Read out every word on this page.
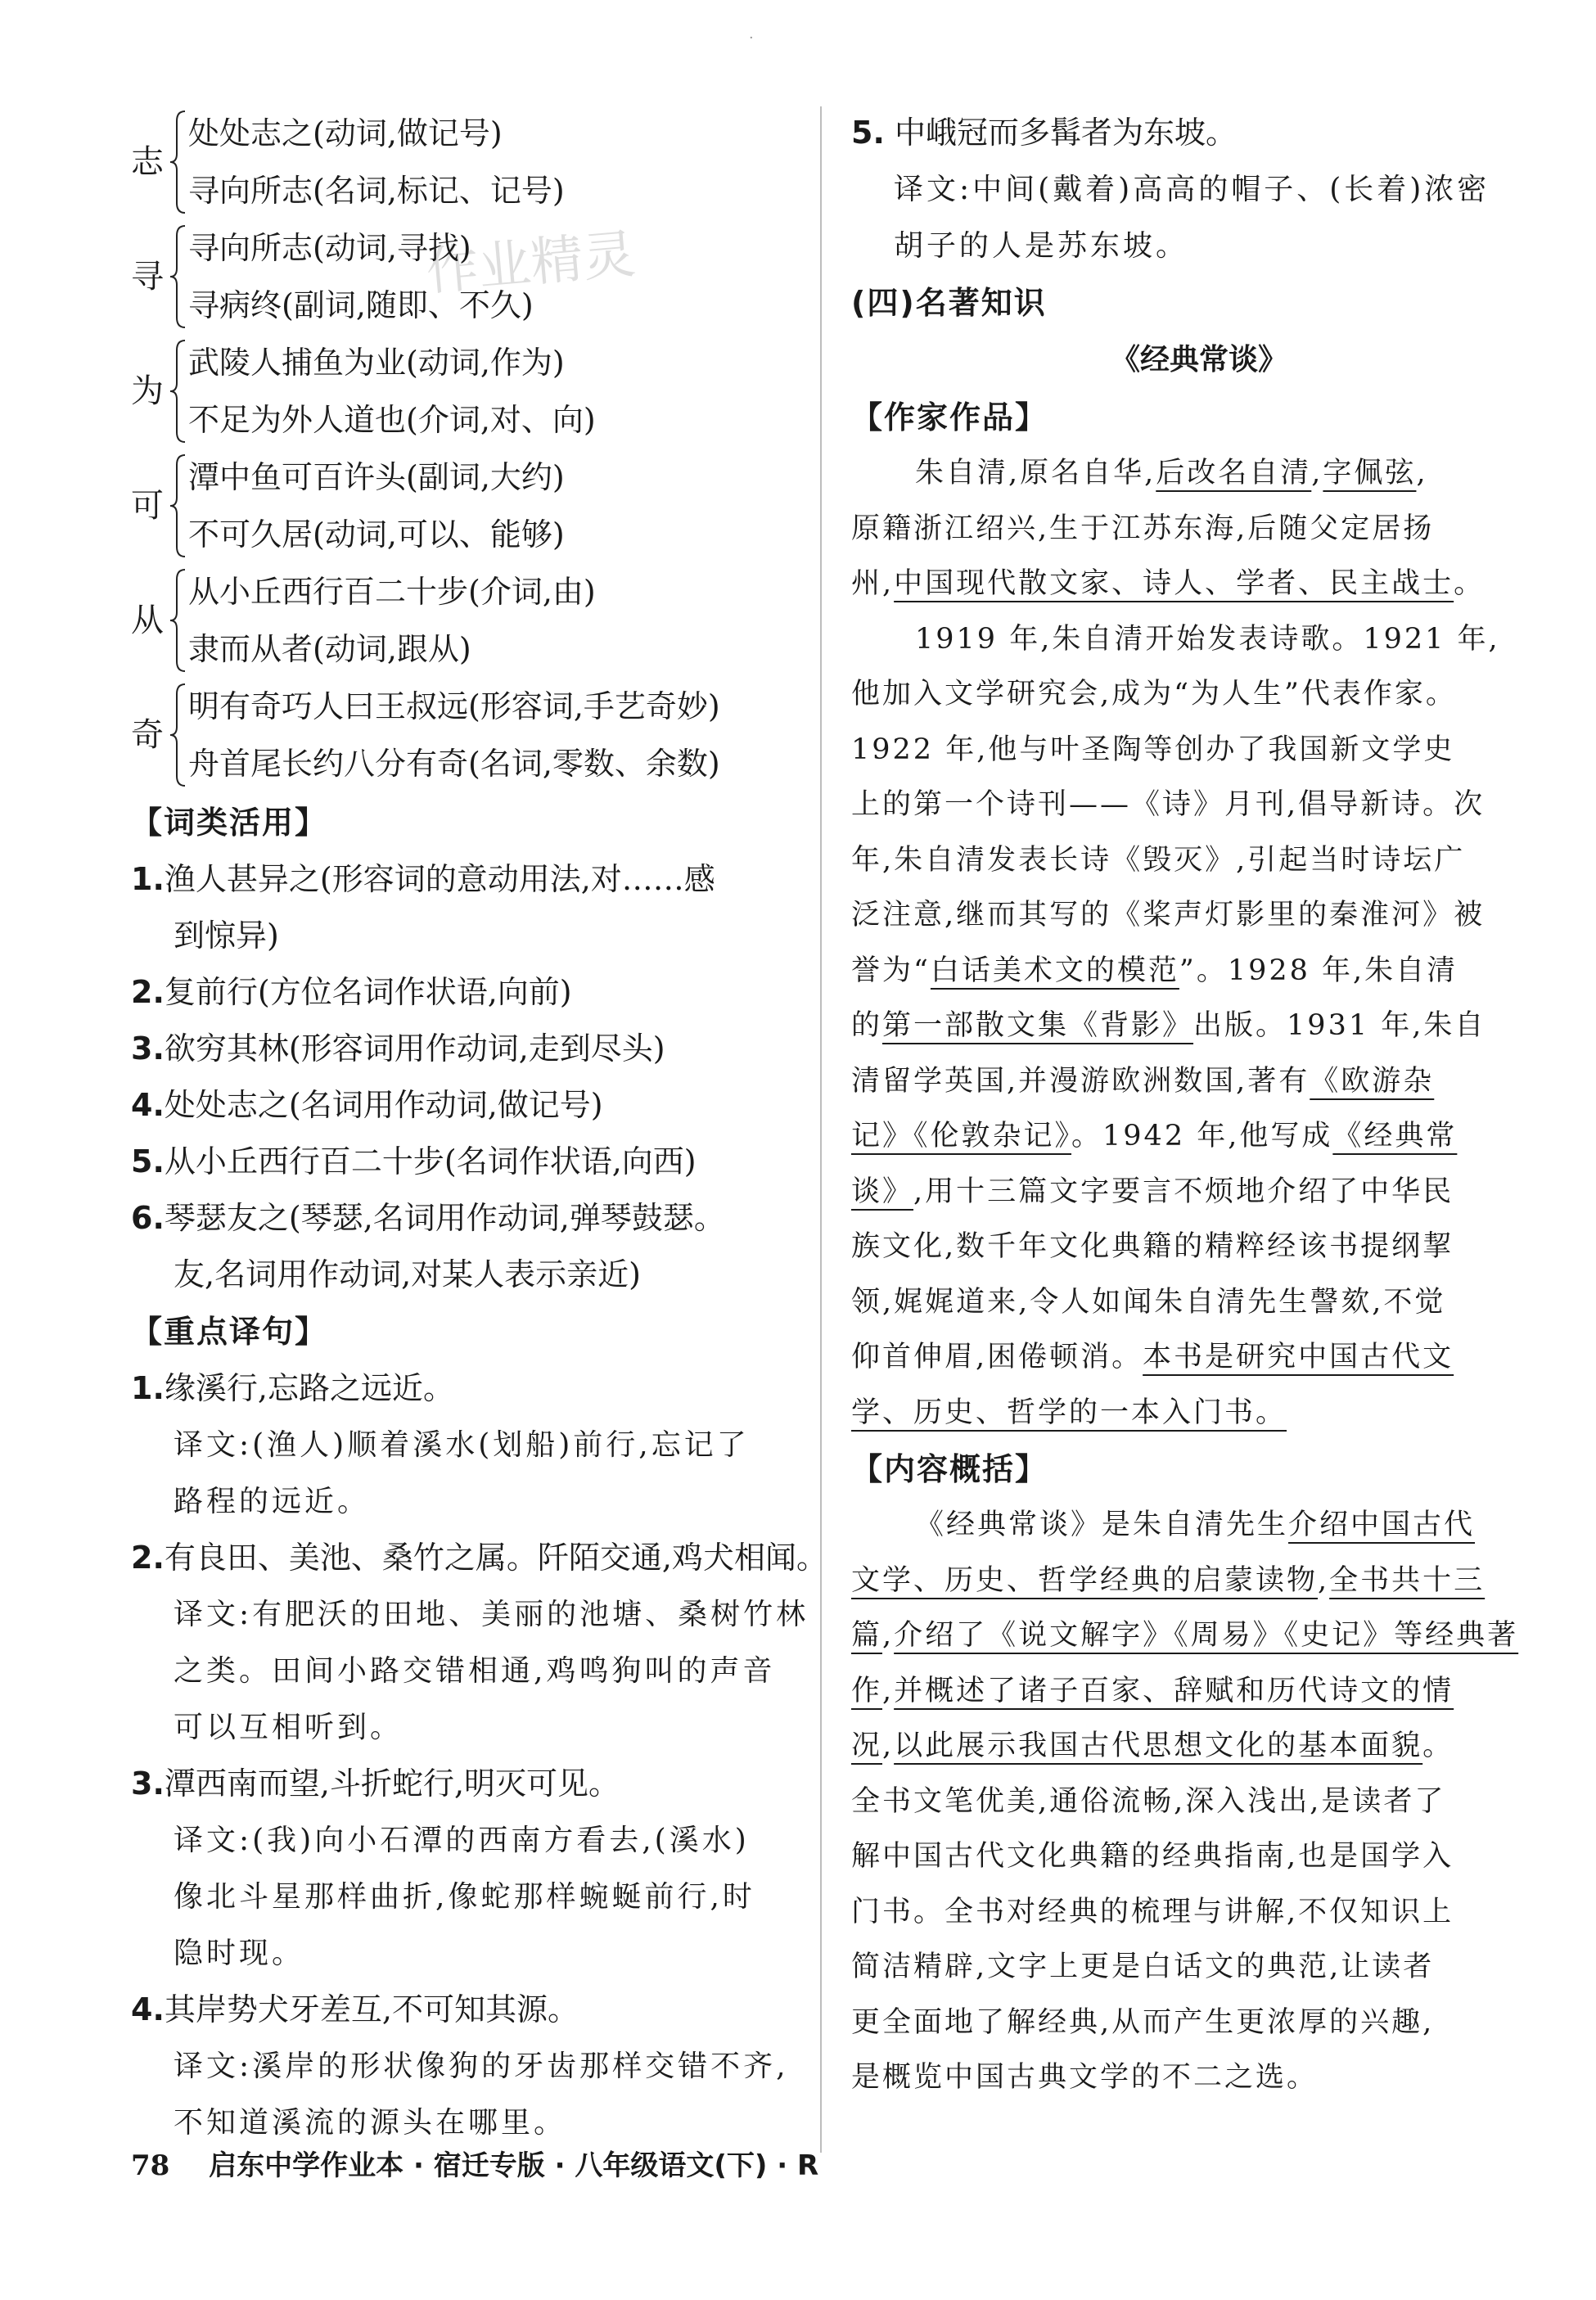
·
作业精灵
志
处处志之(动词,做记号)
寻向所志(名词,标记、记号)
寻
寻向所志(动词,寻找)
寻病终(副词,随即、不久)
为
武陵人捕鱼为业(动词,作为)
不足为外人道也(介词,对、向)
可
潭中鱼可百许头(副词,大约)
不可久居(动词,可以、能够)
从
从小丘西行百二十步(介词,由)
隶而从者(动词,跟从)
奇
明有奇巧人曰王叔远(形容词,手艺奇妙)
舟首尾长约八分有奇(名词,零数、余数)
【词类活用】
1.渔人甚异之(形容词的意动用法,对……感
到惊异)
2.复前行(方位名词作状语,向前)
3.欲穷其林(形容词用作动词,走到尽头)
4.处处志之(名词用作动词,做记号)
5.从小丘西行百二十步(名词作状语,向西)
6.琴瑟友之(琴瑟,名词用作动词,弹琴鼓瑟。
友,名词用作动词,对某人表示亲近)
【重点译句】
1.缘溪行,忘路之远近。
译文:(渔人)顺着溪水(划船)前行,忘记了
路程的远近。
2.有良田、美池、桑竹之属。阡陌交通,鸡犬相闻。
译文:有肥沃的田地、美丽的池塘、桑树竹林
之类。田间小路交错相通,鸡鸣狗叫的声音
可以互相听到。
3.潭西南而望,斗折蛇行,明灭可见。
译文:(我)向小石潭的西南方看去,(溪水)
像北斗星那样曲折,像蛇那样蜿蜒前行,时
隐时现。
4.其岸势犬牙差互,不可知其源。
译文:溪岸的形状像狗的牙齿那样交错不齐,
不知道溪流的源头在哪里。
5. 中峨冠而多髯者为东坡。
译文:中间(戴着)高高的帽子、(长着)浓密
胡子的人是苏东坡。
(四)名著知识
《经典常谈》
【作家作品】
朱自清,原名自华,后改名自清,字佩弦,
原籍浙江绍兴,生于江苏东海,后随父定居扬
州,中国现代散文家、诗人、学者、民主战士。
1919 年,朱自清开始发表诗歌。1921 年,
他加入文学研究会,成为“为人生”代表作家。
1922 年,他与叶圣陶等创办了我国新文学史
上的第一个诗刊——《诗》月刊,倡导新诗。次
年,朱自清发表长诗《毁灭》,引起当时诗坛广
泛注意,继而其写的《桨声灯影里的秦淮河》被
誉为“白话美术文的模范”。1928 年,朱自清
的第一部散文集《背影》出版。1931 年,朱自
清留学英国,并漫游欧洲数国,著有《欧游杂
记》《伦敦杂记》。1942 年,他写成《经典常
谈》,用十三篇文字要言不烦地介绍了中华民
族文化,数千年文化典籍的精粹经该书提纲挈
领,娓娓道来,令人如闻朱自清先生謦欬,不觉
仰首伸眉,困倦顿消。本书是研究中国古代文
学、历史、哲学的一本入门书。
【内容概括】
《经典常谈》是朱自清先生介绍中国古代
文学、历史、哲学经典的启蒙读物,全书共十三
篇,介绍了《说文解字》《周易》《史记》等经典著
作,并概述了诸子百家、辞赋和历代诗文的情
况,以此展示我国古代思想文化的基本面貌。
全书文笔优美,通俗流畅,深入浅出,是读者了
解中国古代文化典籍的经典指南,也是国学入
门书。全书对经典的梳理与讲解,不仅知识上
简洁精辟,文字上更是白话文的典范,让读者
更全面地了解经典,从而产生更浓厚的兴趣,
是概览中国古典文学的不二之选。
78 启东中学作业本 · 宿迁专版 · 八年级语文(下) · R
